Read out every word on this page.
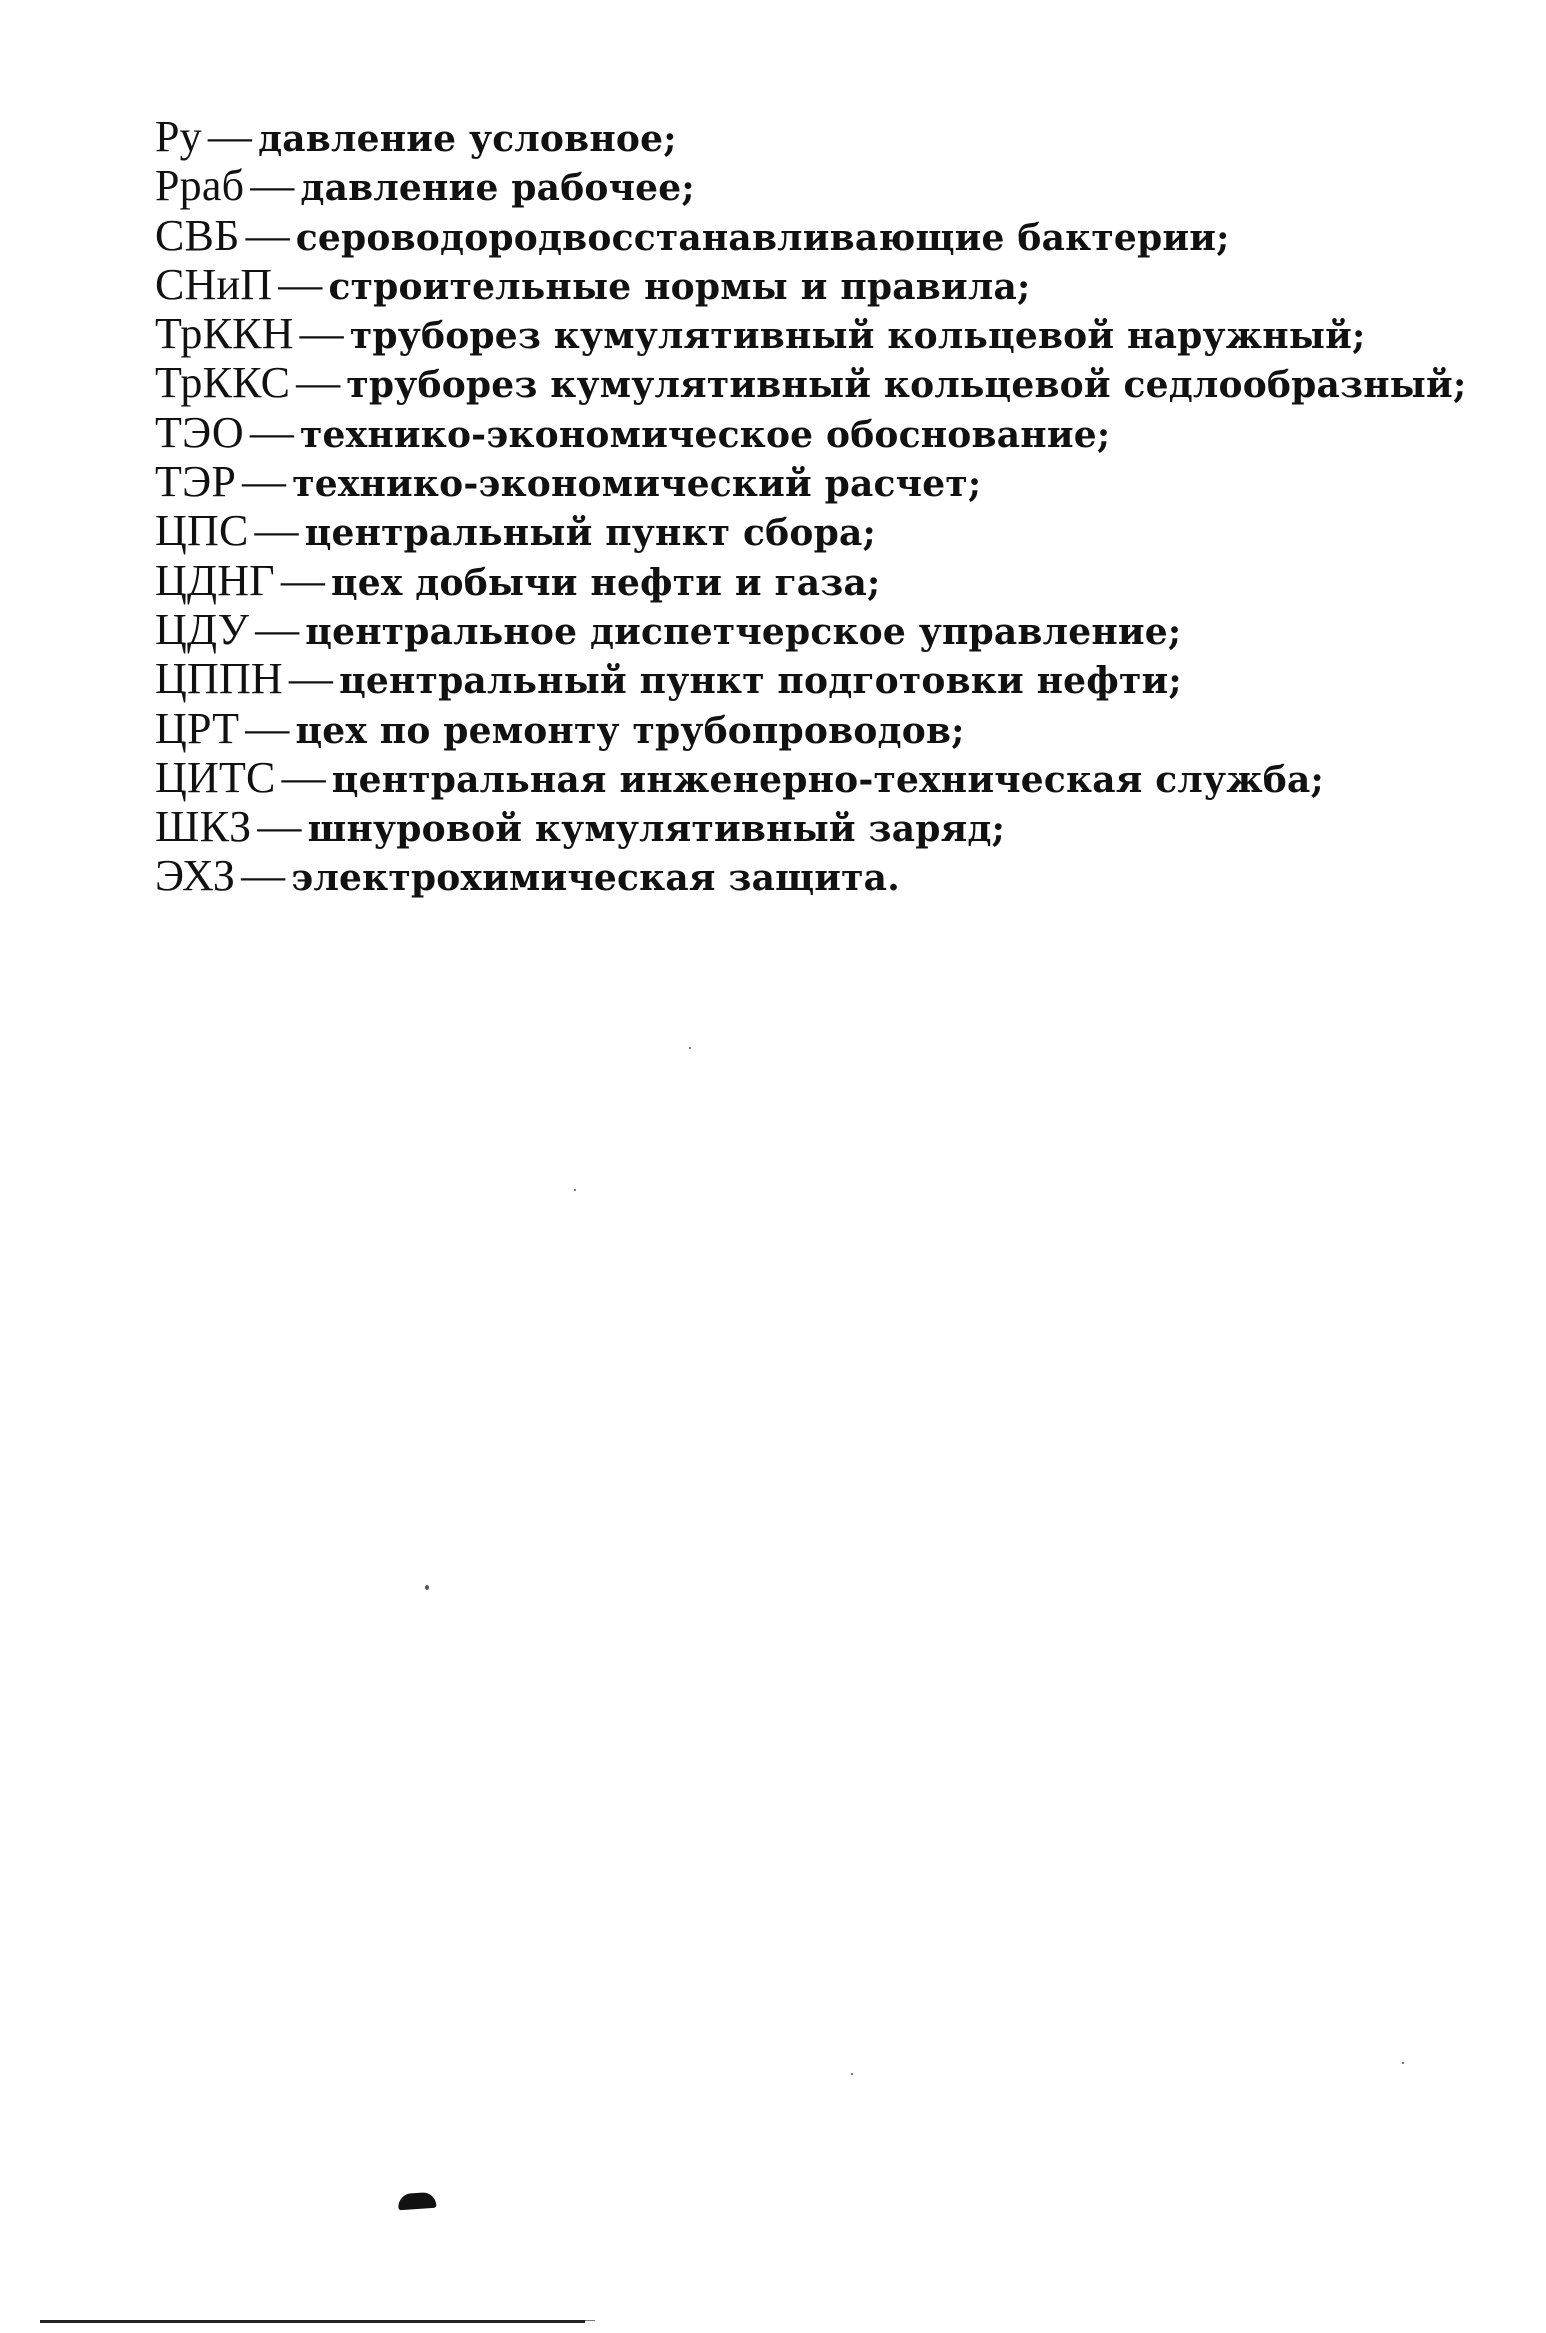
Ру — давление условное;
Рраб — давление рабочее;
СВБ — сероводородвосстанавливающие бактерии;
СНиП — строительные нормы и правила;
ТрККН — труборез кумулятивный кольцевой наружный;
ТрККС — труборез кумулятивный кольцевой седлообразный;
ТЭО — технико-экономическое обоснование;
ТЭР — технико-экономический расчет;
ЦПС — центральный пункт сбора;
ЦДНГ — цех добычи нефти и газа;
ЦДУ — центральное диспетчерское управление;
ЦППН — центральный пункт подготовки нефти;
ЦРТ — цех по ремонту трубопроводов;
ЦИТС — центральная инженерно-техническая служба;
ШКЗ — шнуровой кумулятивный заряд;
ЭХЗ — электрохимическая защита.
